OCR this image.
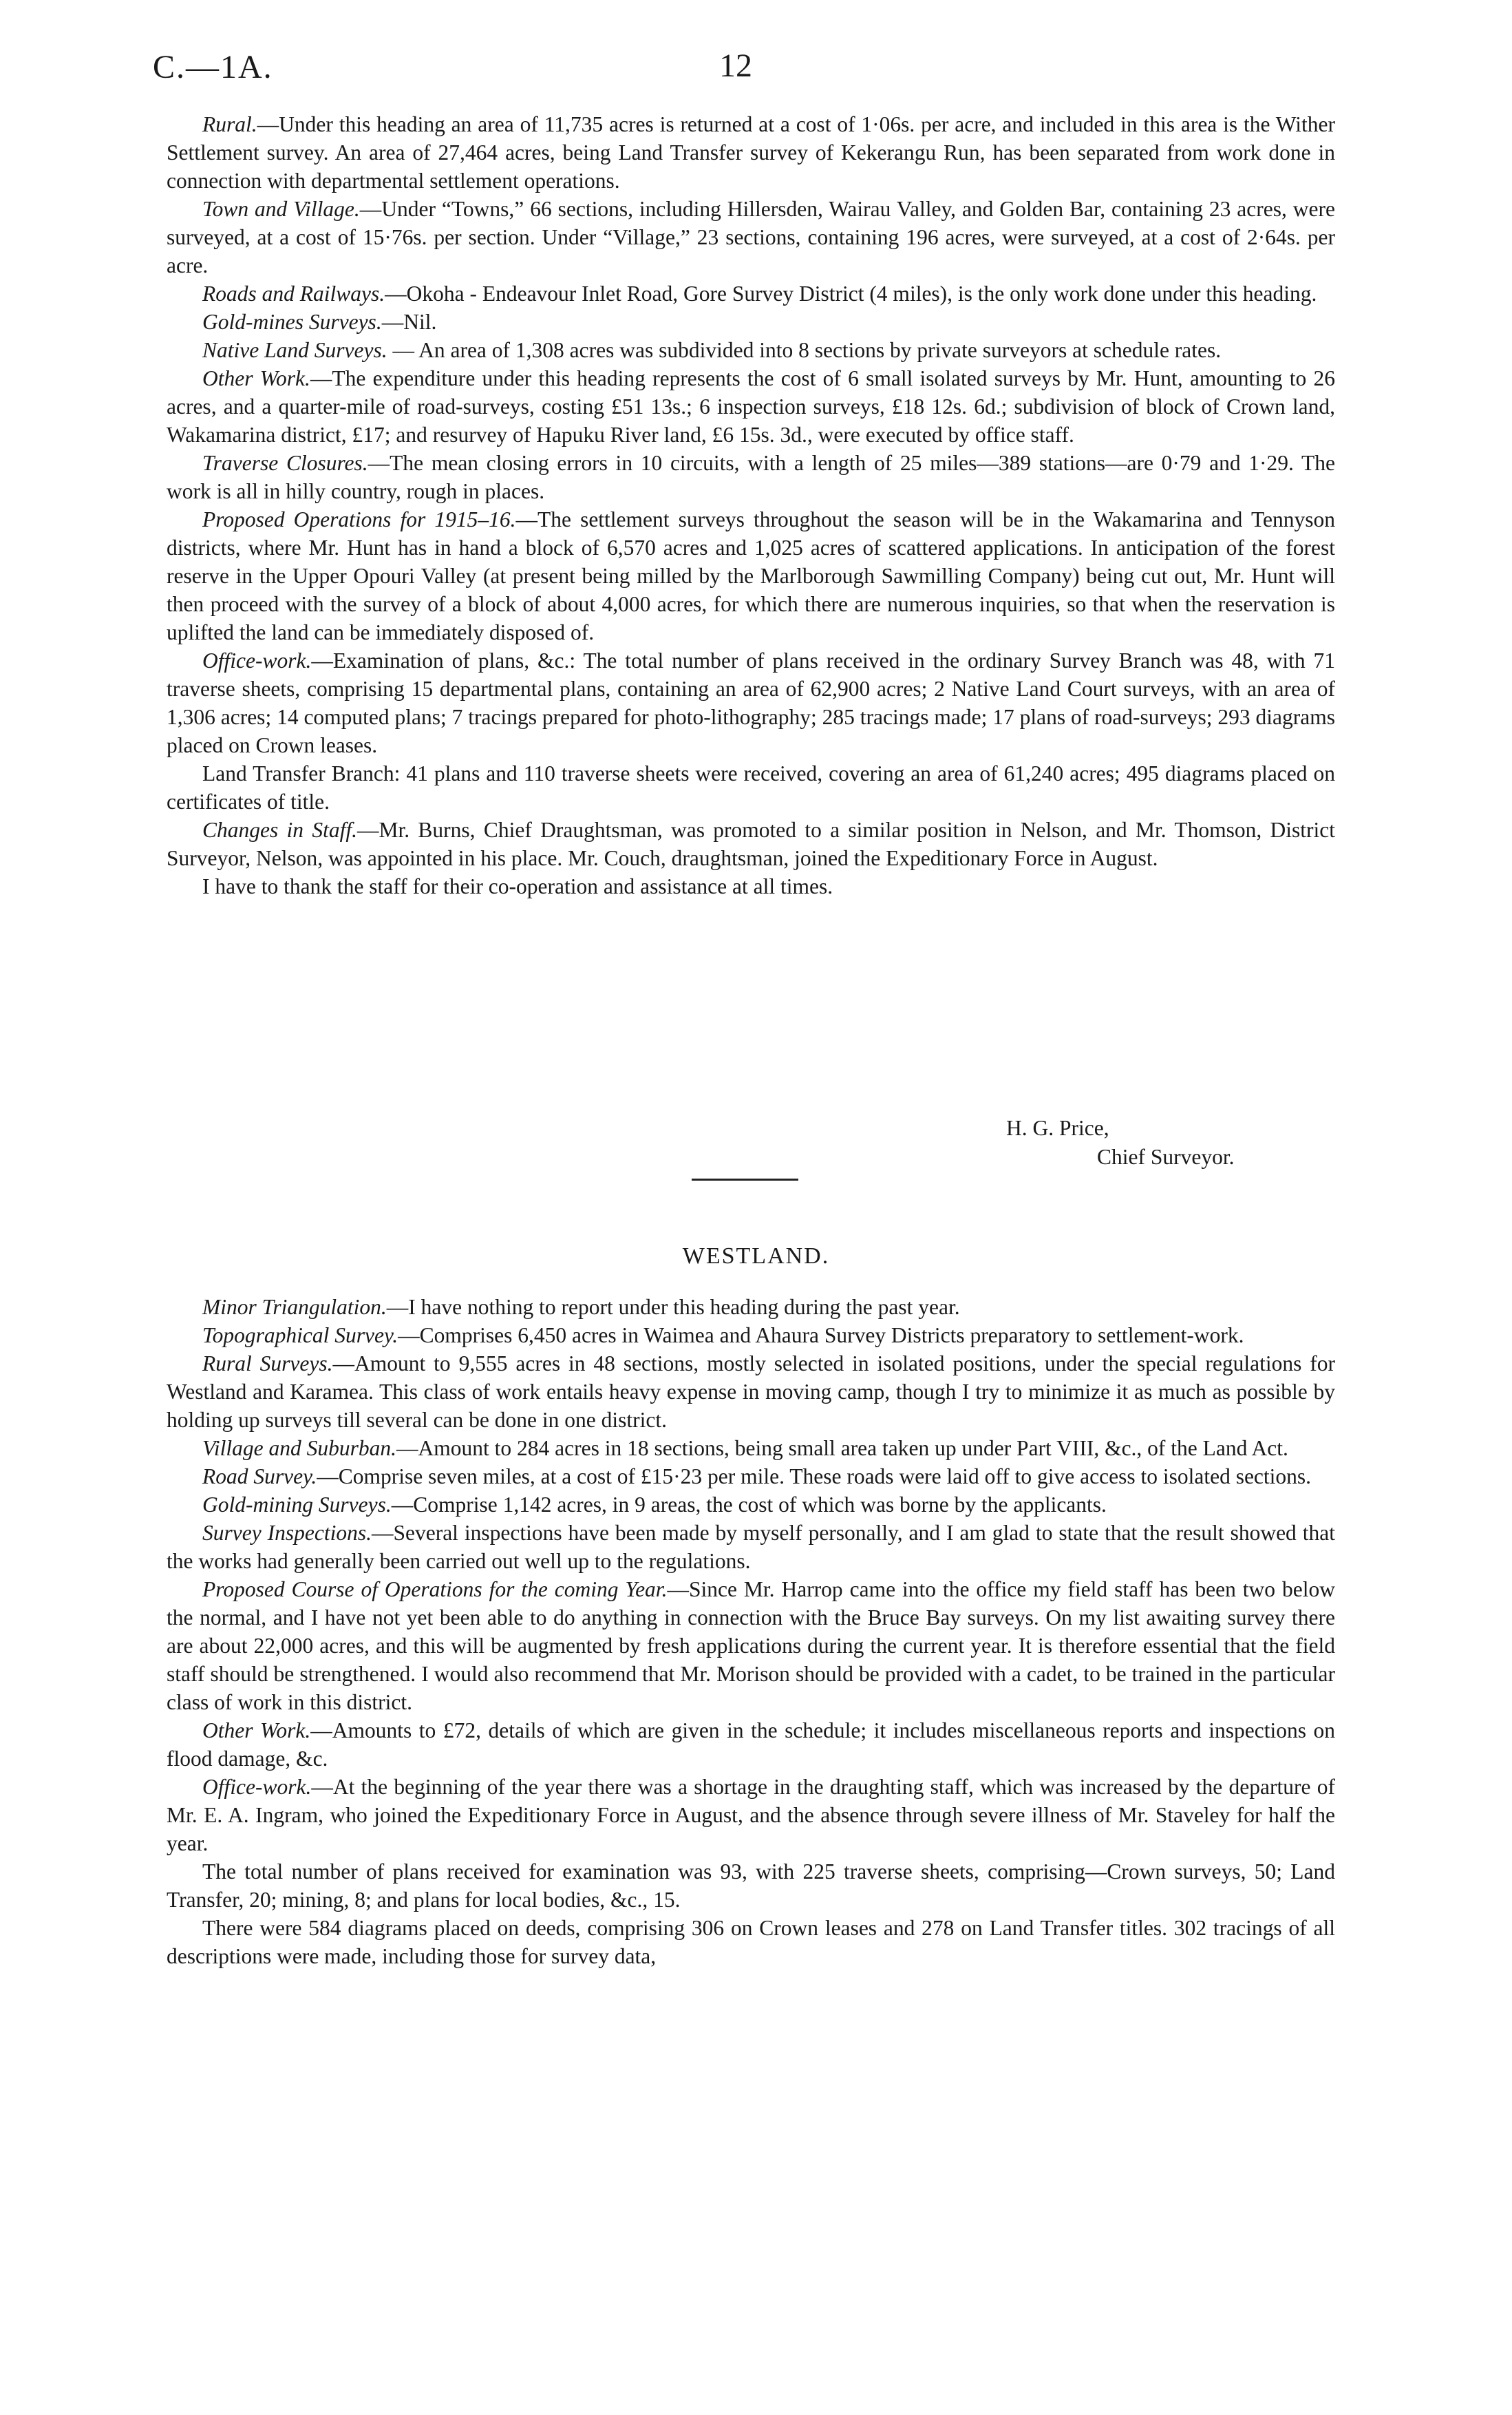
C.—1A.	12

Rural.—Under this heading an area of 11,735 acres is returned at a cost of 1·06s. per acre, and included in this area is the Wither Settlement survey. An area of 27,464 acres, being Land Transfer survey of Kekerangu Run, has been separated from work done in connection with departmental settlement operations.

Town and Village.—Under “Towns,” 66 sections, including Hillersden, Wairau Valley, and Golden Bar, containing 23 acres, were surveyed, at a cost of 15·76s. per section. Under “Village,” 23 sections, containing 196 acres, were surveyed, at a cost of 2·64s. per acre.

Roads and Railways.—Okoha - Endeavour Inlet Road, Gore Survey District (4 miles), is the only work done under this heading.

Gold-mines Surveys.—Nil.

Native Land Surveys. — An area of 1,308 acres was subdivided into 8 sections by private surveyors at schedule rates.

Other Work.—The expenditure under this heading represents the cost of 6 small isolated surveys by Mr. Hunt, amounting to 26 acres, and a quarter-mile of road-surveys, costing £51 13s.; 6 inspection surveys, £18 12s. 6d.; subdivision of block of Crown land, Wakamarina district, £17; and resurvey of Hapuku River land, £6 15s. 3d., were executed by office staff.

Traverse Closures.—The mean closing errors in 10 circuits, with a length of 25 miles—389 stations—are 0·79 and 1·29. The work is all in hilly country, rough in places.

Proposed Operations for 1915–16.—The settlement surveys throughout the season will be in the Wakamarina and Tennyson districts, where Mr. Hunt has in hand a block of 6,570 acres and 1,025 acres of scattered applications. In anticipation of the forest reserve in the Upper Opouri Valley (at present being milled by the Marlborough Sawmilling Company) being cut out, Mr. Hunt will then proceed with the survey of a block of about 4,000 acres, for which there are numerous inquiries, so that when the reservation is uplifted the land can be immediately disposed of.

Office-work.—Examination of plans, &c.: The total number of plans received in the ordinary Survey Branch was 48, with 71 traverse sheets, comprising 15 departmental plans, containing an area of 62,900 acres; 2 Native Land Court surveys, with an area of 1,306 acres; 14 computed plans; 7 tracings prepared for photo-lithography; 285 tracings made; 17 plans of road-surveys; 293 diagrams placed on Crown leases.

Land Transfer Branch: 41 plans and 110 traverse sheets were received, covering an area of 61,240 acres; 495 diagrams placed on certificates of title.

Changes in Staff.—Mr. Burns, Chief Draughtsman, was promoted to a similar position in Nelson, and Mr. Thomson, District Surveyor, Nelson, was appointed in his place. Mr. Couch, draughtsman, joined the Expeditionary Force in August.

I have to thank the staff for their co-operation and assistance at all times.

H. G. Price,
Chief Surveyor.
WESTLAND.

Minor Triangulation.—I have nothing to report under this heading during the past year.

Topographical Survey.—Comprises 6,450 acres in Waimea and Ahaura Survey Districts preparatory to settlement-work.

Rural Surveys.—Amount to 9,555 acres in 48 sections, mostly selected in isolated positions, under the special regulations for Westland and Karamea. This class of work entails heavy expense in moving camp, though I try to minimize it as much as possible by holding up surveys till several can be done in one district.

Village and Suburban.—Amount to 284 acres in 18 sections, being small area taken up under Part VIII, &c., of the Land Act.

Road Survey.—Comprise seven miles, at a cost of £15·23 per mile. These roads were laid off to give access to isolated sections.

Gold-mining Surveys.—Comprise 1,142 acres, in 9 areas, the cost of which was borne by the applicants.

Survey Inspections.—Several inspections have been made by myself personally, and I am glad to state that the result showed that the works had generally been carried out well up to the regulations.

Proposed Course of Operations for the coming Year.—Since Mr. Harrop came into the office my field staff has been two below the normal, and I have not yet been able to do anything in connection with the Bruce Bay surveys. On my list awaiting survey there are about 22,000 acres, and this will be augmented by fresh applications during the current year. It is therefore essential that the field staff should be strengthened. I would also recommend that Mr. Morison should be provided with a cadet, to be trained in the particular class of work in this district.

Other Work.—Amounts to £72, details of which are given in the schedule; it includes miscellaneous reports and inspections on flood damage, &c.

Office-work.—At the beginning of the year there was a shortage in the draughting staff, which was increased by the departure of Mr. E. A. Ingram, who joined the Expeditionary Force in August, and the absence through severe illness of Mr. Staveley for half the year.

The total number of plans received for examination was 93, with 225 traverse sheets, comprising—Crown surveys, 50; Land Transfer, 20; mining, 8; and plans for local bodies, &c., 15.

There were 584 diagrams placed on deeds, comprising 306 on Crown leases and 278 on Land Transfer titles. 302 tracings of all descriptions were made, including those for survey data,
